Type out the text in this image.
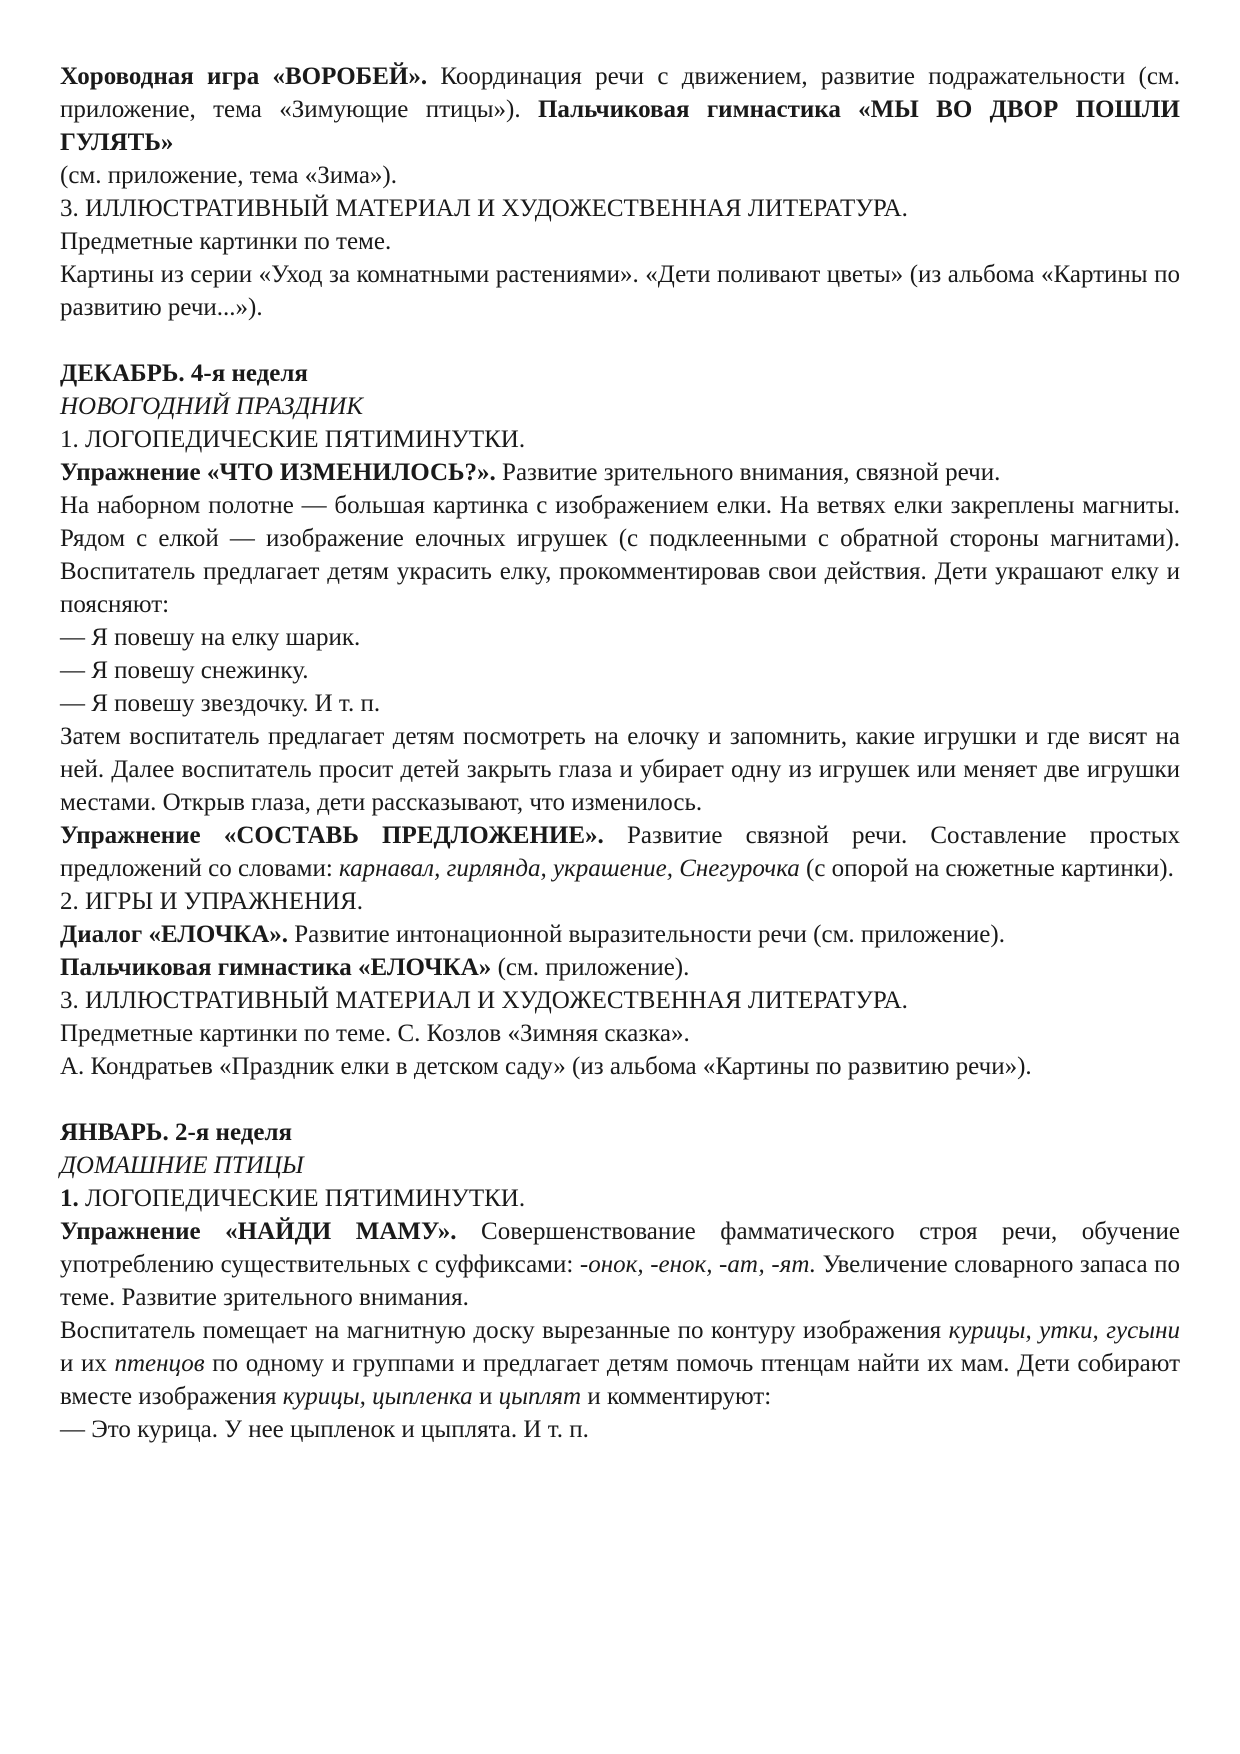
Хороводная игра «ВОРОБЕЙ». Координация речи с движением, развитие подражательности (см. приложение, тема «Зимующие птицы»). Пальчиковая гимнастика «МЫ ВО ДВОР ПОШЛИ ГУЛЯТЬ»

(см. приложение, тема «Зима»).

3. ИЛЛЮСТРАТИВНЫЙ МАТЕРИАЛ И ХУДОЖЕСТВЕННАЯ ЛИТЕРАТУРА.

Предметные картинки по теме.

Картины из серии «Уход за комнатными растениями». «Дети поливают цветы» (из альбома «Картины по развитию речи...»).

ДЕКАБРЬ. 4-я неделя

НОВОГОДНИЙ ПРАЗДНИК

1. ЛОГОПЕДИЧЕСКИЕ ПЯТИМИНУТКИ.

Упражнение «ЧТО ИЗМЕНИЛОСЬ?». Развитие зрительного внимания, связной речи.

На наборном полотне — большая картинка с изображением елки. На ветвях елки закреплены магниты. Рядом с елкой — изображение елочных игрушек (с подклеенными с обратной стороны магнитами). Воспитатель предлагает детям украсить елку, прокомментировав свои действия. Дети украшают елку и поясняют:

— Я повешу на елку шарик.

— Я повешу снежинку.

— Я повешу звездочку. И т. п.

Затем воспитатель предлагает детям посмотреть на елочку и запомнить, какие игрушки и где висят на ней. Далее воспитатель просит детей закрыть глаза и убирает одну из игрушек или меняет две игрушки местами. Открыв глаза, дети рассказывают, что изменилось.

Упражнение «СОСТАВЬ ПРЕДЛОЖЕНИЕ». Развитие связной речи. Составление простых предложений со словами: карнавал, гирлянда, украшение, Снегурочка (с опорой на сюжетные картинки).

2. ИГРЫ И УПРАЖНЕНИЯ.

Диалог «ЕЛОЧКА». Развитие интонационной выразительности речи (см. приложение).

Пальчиковая гимнастика «ЕЛОЧКА» (см. приложение).

3. ИЛЛЮСТРАТИВНЫЙ МАТЕРИАЛ И ХУДОЖЕСТВЕННАЯ ЛИТЕРАТУРА.

Предметные картинки по теме. С. Козлов «Зимняя сказка».

А. Кондратьев «Праздник елки в детском саду» (из альбома «Картины по развитию речи»).

ЯНВАРЬ. 2-я неделя

ДОМАШНИЕ ПТИЦЫ

1. ЛОГОПЕДИЧЕСКИЕ ПЯТИМИНУТКИ.

Упражнение «НАЙДИ МАМУ». Совершенствование фамматического строя речи, обучение употреблению существительных с суффиксами: -онок, -енок, -ат, -ят. Увеличение словарного запаса по теме. Развитие зрительного внимания.

Воспитатель помещает на магнитную доску вырезанные по контуру изображения курицы, утки, гусыни и их птенцов по одному и группами и предлагает детям помочь птенцам найти их мам. Дети собирают вместе изображения курицы, цыпленка и цыплят и комментируют:

— Это курица. У нее цыпленок и цыплята. И т. п.
